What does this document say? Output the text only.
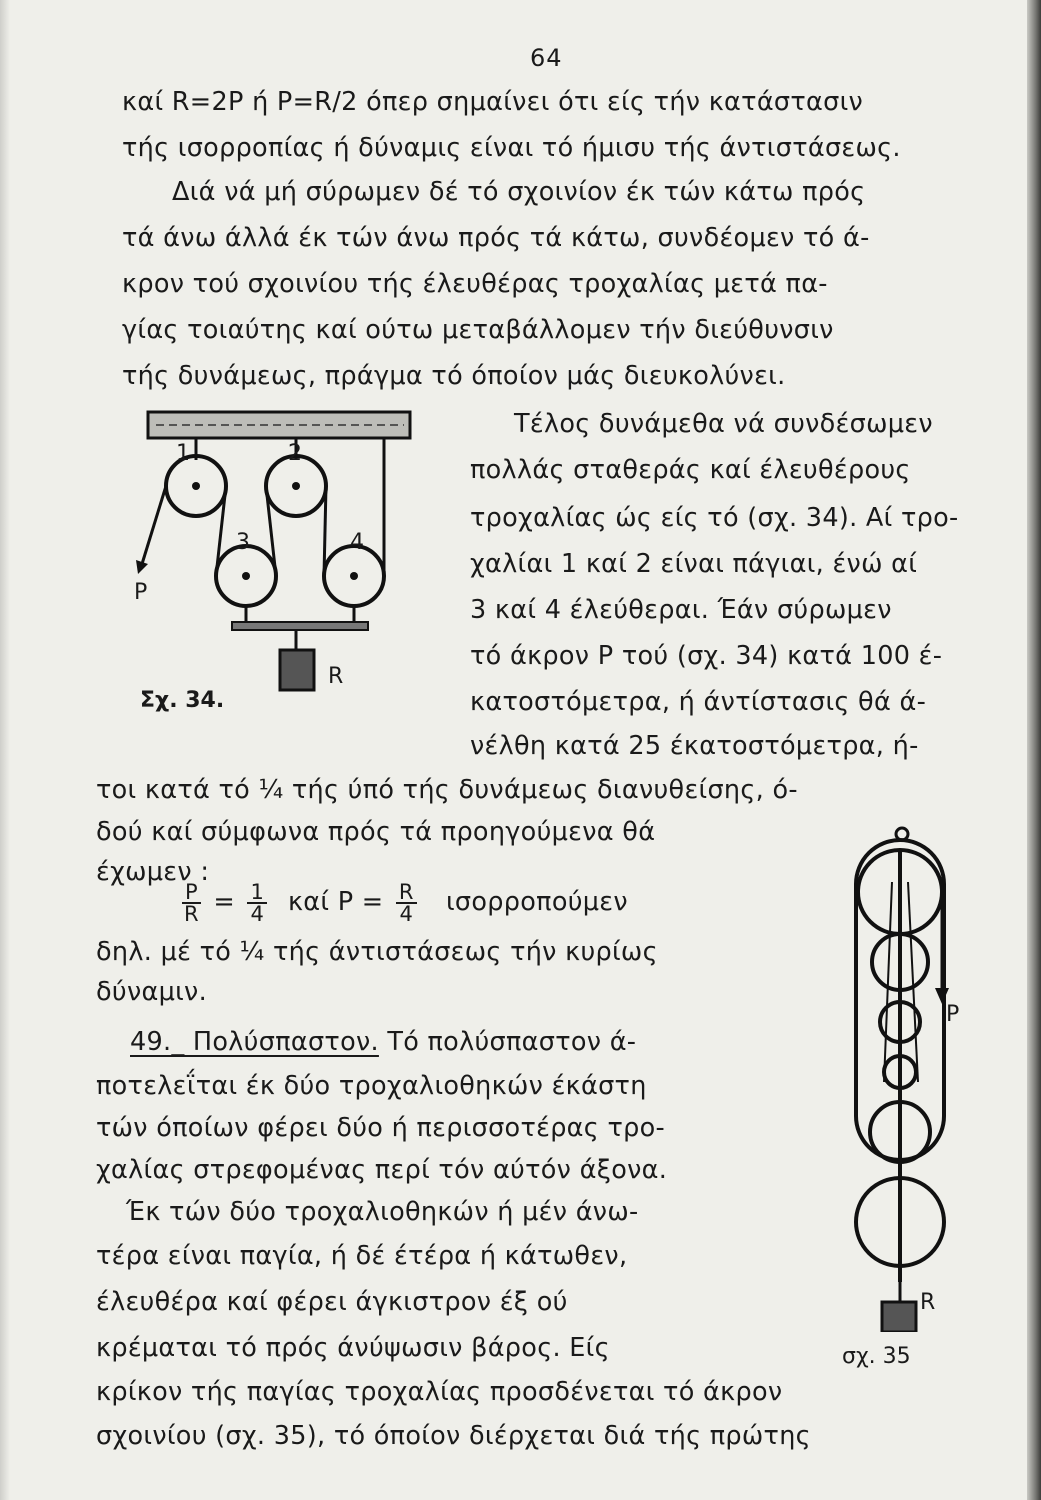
64
καί R=2P ή P=R/2 όπερ σημαίνει ότι είς τήν κατάστασιν
τής ισορροπίας ή δύναμις είναι τό ήμισυ τής άντιστάσεως.
Διά νά μή σύρωμεν δέ τό σχοινίον έκ τών κάτω πρός
τά άνω άλλά έκ τών άνω πρός τά κάτω, συνδέομεν τό ά-
κρον τού σχοινίου τής έλευθέρας τροχαλίας μετά πα-
γίας τοιαύτης καί ούτω μεταβάλλομεν τήν διεύθυνσιν
τής δυνάμεως, πράγμα τό όποίον μάς διευκολύνει.
Τέλος δυνάμεθα νά συνδέσωμεν
πολλάς σταθεράς καί έλευθέρους
τροχαλίας ώς είς τό (σχ. 34). Αί τρο-
χαλίαι 1 καί 2 είναι πάγιαι, ένώ αί
3 καί 4 έλεύθεραι. Έάν σύρωμεν
τό άκρον P τού (σχ. 34) κατά 100 έ-
κατοστόμετρα, ή άντίστασις θά ά-
νέλθη κατά 25 έκατοστόμετρα, ή-
1	2
3	4
P
R
Σχ. 34.
τοι κατά τό ¼ τής ύπό τής δυνάμεως διανυθείσης, ό-
δού καί σύμφωνα πρός τά προηγούμενα θά
έχωμεν :
$\frac{P}{R} = \frac{1}{4}$ καί $P = \frac{R}{4}$ ισορροπούμεν
δηλ. μέ τό ¼ τής άντιστάσεως τήν κυρίως
δύναμιν.
49._ Πολύσπαστον. Τό πολύσπαστον ά-
ποτελεΐται έκ δύο τροχαλιοθηκών έκάστη
τών όποίων φέρει δύο ή περισσοτέρας τρο-
χαλίας στρεφομένας περί τόν αύτόν άξονα.
Έκ τών δύο τροχαλιοθηκών ή μέν άνω-
τέρα είναι παγία, ή δέ έτέρα ή κάτωθεν,
έλευθέρα καί φέρει άγκιστρον έξ ού
κρέμαται τό πρός άνύψωσιν βάρος. Είς
κρίκον τής παγίας τροχαλίας προσδένεται τό άκρον
σχοινίου (σχ. 35), τό όποίον διέρχεται διά τής πρώτης
P
R
σχ. 35
